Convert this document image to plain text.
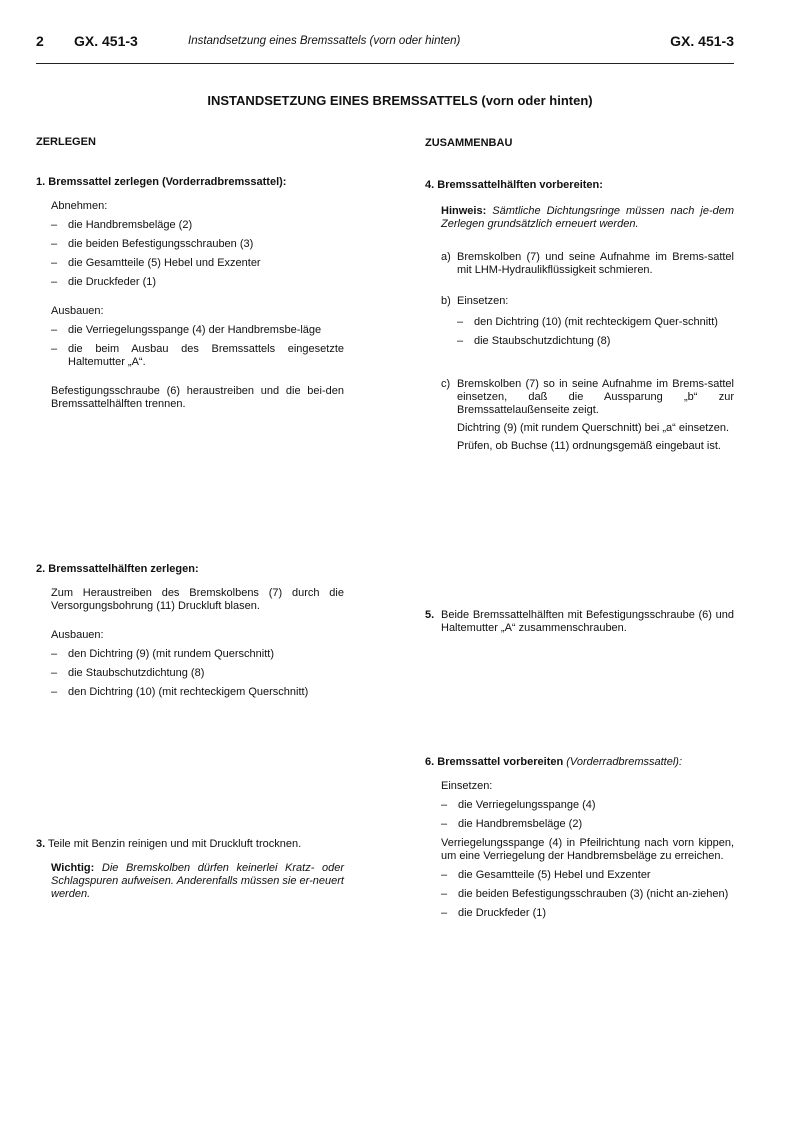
2 GX. 451-3	Instandsetzung eines Bremssattels (vorn oder hinten)	GX. 451-3
INSTANDSETZUNG EINES BREMSSATTELS (vorn oder hinten)
ZERLEGEN	ZUSAMMENBAU
1. Bremssattel zerlegen (Vorderradbremssattel):

Abnehmen:

– die Handbremsbeläge (2)

– die beiden Befestigungsschrauben (3)

– die Gesamtteile (5) Hebel und Exzenter

– die Druckfeder (1)

Ausbauen:

– die Verriegelungsspange (4) der Handbremsbe-läge

– die beim Ausbau des Bremssattels eingesetzte Haltemutter „A“.

Befestigungsschraube (6) heraustreiben und die bei-den Bremssattelhälften trennen.

2. Bremssattelhälften zerlegen:

Zum Heraustreiben des Bremskolbens (7) durch die Versorgungsbohrung (11) Druckluft blasen.

Ausbauen:

– den Dichtring (9) (mit rundem Querschnitt)

– die Staubschutzdichtung (8)

– den Dichtring (10) (mit rechteckigem Querschnitt)

3. Teile mit Benzin reinigen und mit Druckluft trocknen.
Wichtig: Die Bremskolben dürfen keinerlei Kratz- oder Schlagspuren aufweisen. Anderenfalls müssen sie er-neuert werden.
4. Bremssattelhälften vorbereiten:
Hinweis: Sämtliche Dichtungsringe müssen nach je-dem Zerlegen grundsätzlich erneuert werden.

a) Bremskolben (7) und seine Aufnahme im Brems-sattel mit LHM-Hydraulikflüssigkeit schmieren.

b) Einsetzen:

– den Dichtring (10) (mit rechteckigem Quer-schnitt)

– die Staubschutzdichtung (8)

c) Bremskolben (7) so in seine Aufnahme im Brems-sattel einsetzen, daß die Aussparung „b“ zur Bremssattelaußenseite zeigt.

Dichtring (9) (mit rundem Querschnitt) bei „a“ einsetzen.

Prüfen, ob Buchse (11) ordnungsgemäß eingebaut ist.

5. Beide Bremssattelhälften mit Befestigungsschraube (6) und Haltemutter „A“ zusammenschrauben.

6. Bremssattel vorbereiten (Vorderradbremssattel):

Einsetzen:

– die Verriegelungsspange (4)

– die Handbremsbeläge (2)

Verriegelungsspange (4) in Pfeilrichtung nach vorn kippen, um eine Verriegelung der Handbremsbeläge zu erreichen.

– die Gesamtteile (5) Hebel und Exzenter

– die beiden Befestigungsschrauben (3) (nicht an-ziehen)

– die Druckfeder (1)
